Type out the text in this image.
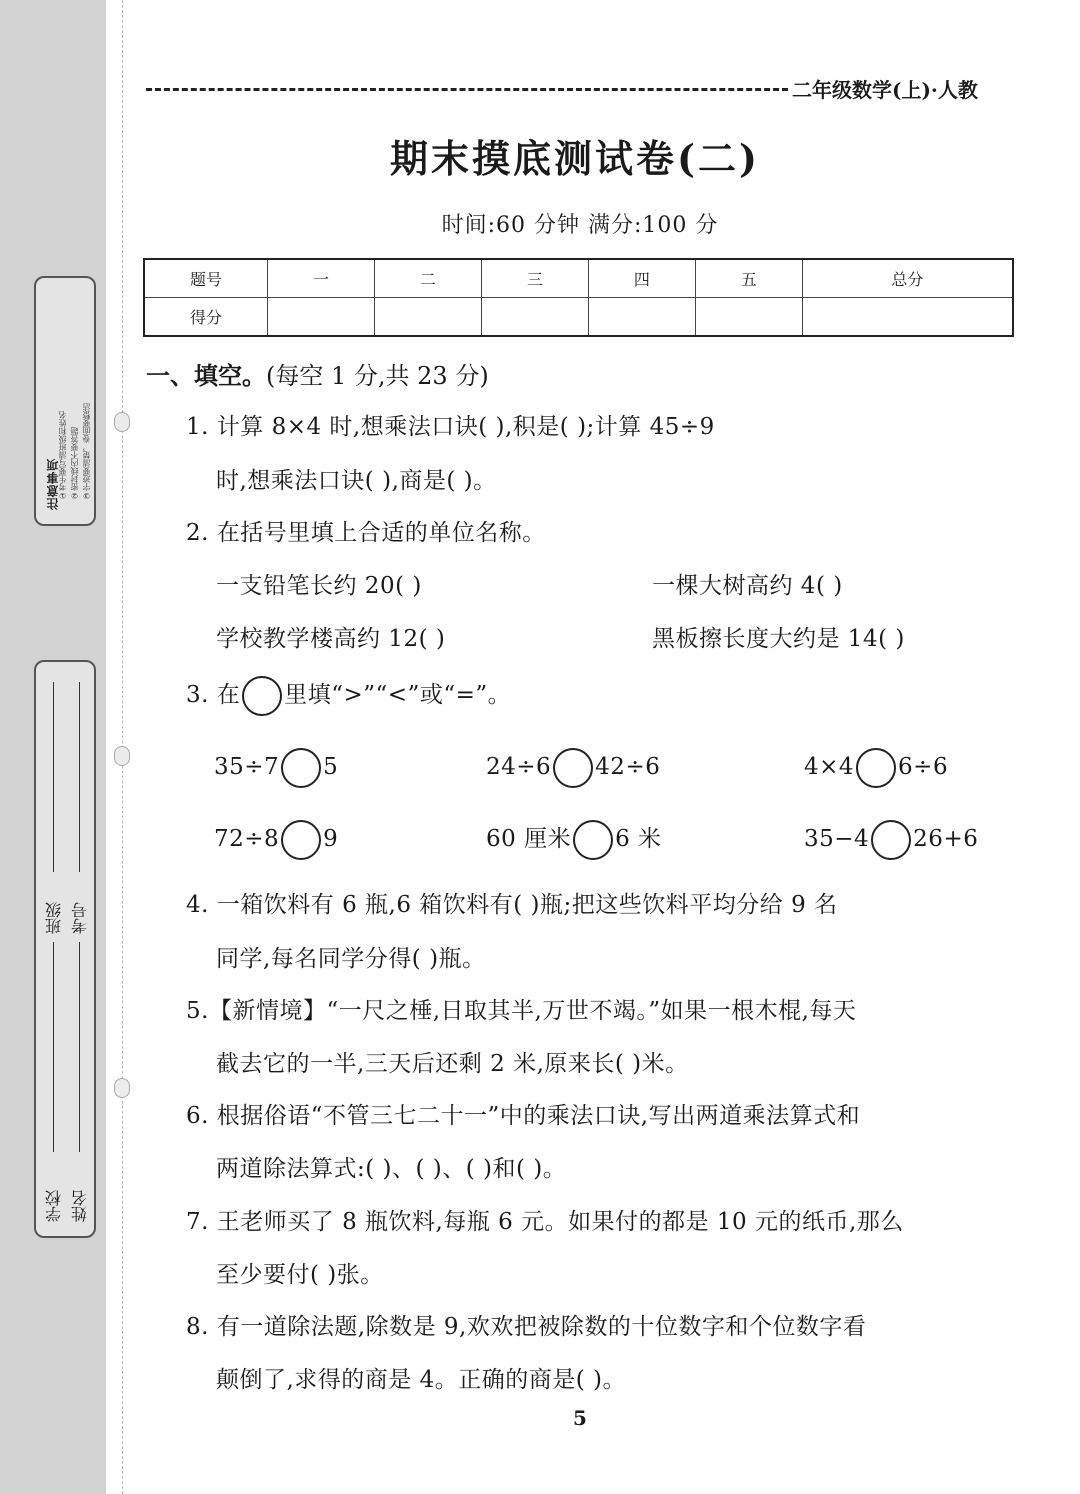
注意事项
①考生要写清班级和姓名 ②密封线内不要答题 ③字迹要清楚，卷面要整洁
班级
学校
考号
姓名
二年级数学(上)·人教
期末摸底测试卷(二)
时间:60 分钟 满分:100 分
题号	一	二	三	四	五	总分
得分						
一、填空。(每空 1 分,共 23 分)
1. 计算 8×4 时,想乘法口诀( ),积是( );计算 45÷9
时,想乘法口诀( ),商是( )。
2. 在括号里填上合适的单位名称。
一支铅笔长约 20( )	一棵大树高约 4( )
学校教学楼高约 12( )	黑板擦长度大约是 14( )
3. 在 里填“>”“<”或“=”。
35÷7 5	24÷6 42÷6	4×4 6÷6
72÷8 9	60 厘米 6 米	35−4 26+6
4. 一箱饮料有 6 瓶,6 箱饮料有( )瓶;把这些饮料平均分给 9 名
同学,每名同学分得( )瓶。
5.【新情境】“一尺之棰,日取其半,万世不竭。”如果一根木棍,每天
截去它的一半,三天后还剩 2 米,原来长( )米。
6. 根据俗语“不管三七二十一”中的乘法口诀,写出两道乘法算式和
两道除法算式:( )、( )、( )和( )。
7. 王老师买了 8 瓶饮料,每瓶 6 元。如果付的都是 10 元的纸币,那么
至少要付( )张。
8. 有一道除法题,除数是 9,欢欢把被除数的十位数字和个位数字看
颠倒了,求得的商是 4。正确的商是( )。
5
